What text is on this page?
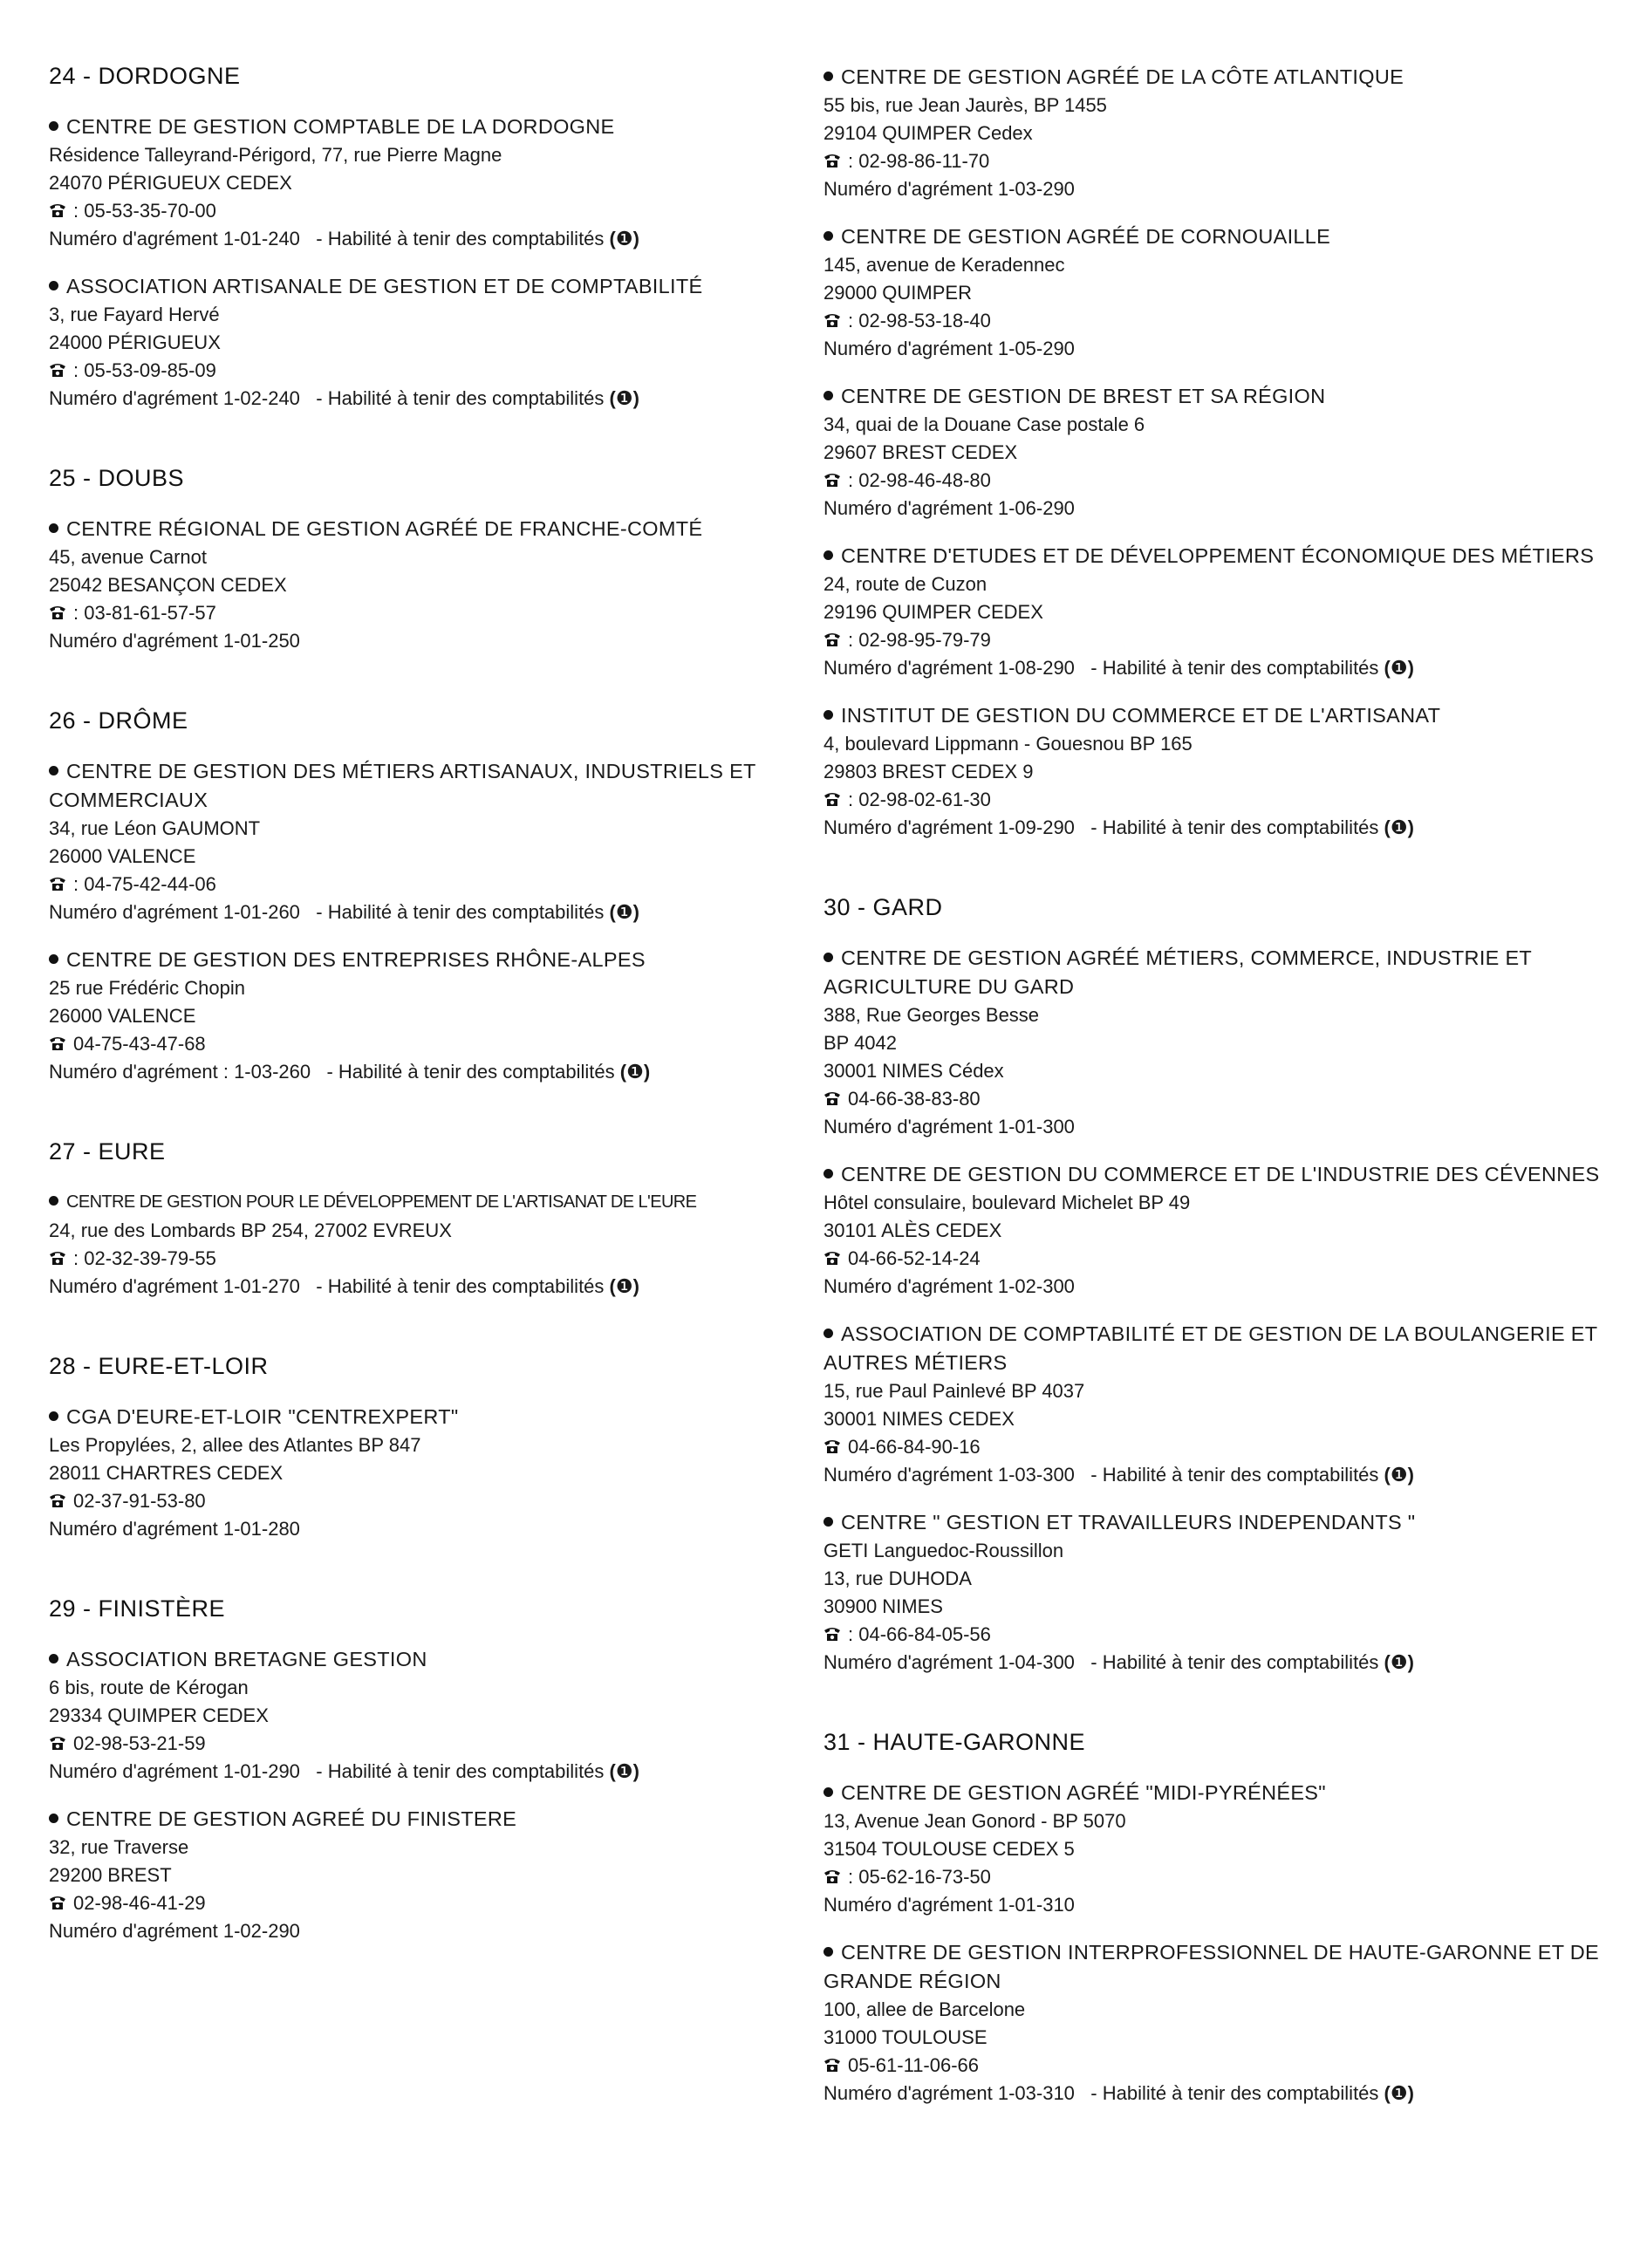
24 - DORDOGNE
CENTRE DE GESTION COMPTABLE DE LA DORDOGNE
Résidence Talleyrand-Périgord, 77, rue Pierre Magne
24070 PÉRIGUEUX CEDEX
: 05-53-35-70-00
Numéro d'agrément 1-01-240 - Habilité à tenir des comptabilités (❶)
ASSOCIATION ARTISANALE DE GESTION ET DE COMPTABILITÉ
3, rue Fayard Hervé
24000 PÉRIGUEUX
: 05-53-09-85-09
Numéro d'agrément 1-02-240 - Habilité à tenir des comptabilités (❶)
25 - DOUBS
CENTRE RÉGIONAL DE GESTION AGRÉÉ DE FRANCHE-COMTÉ
45, avenue Carnot
25042 BESANÇON CEDEX
: 03-81-61-57-57
Numéro d'agrément 1-01-250
26 - DRÔME
CENTRE DE GESTION DES MÉTIERS ARTISANAUX, INDUSTRIELS ET COMMERCIAUX
34, rue Léon GAUMONT
26000 VALENCE
: 04-75-42-44-06
Numéro d'agrément 1-01-260 - Habilité à tenir des comptabilités (❶)
CENTRE DE GESTION DES ENTREPRISES RHÔNE-ALPES
25 rue Frédéric Chopin
26000 VALENCE
04-75-43-47-68
Numéro d'agrément : 1-03-260 - Habilité à tenir des comptabilités (❶)
27 - EURE
CENTRE DE GESTION POUR LE DÉVELOPPEMENT DE L'ARTISANAT DE L'EURE
24, rue des Lombards BP 254, 27002 EVREUX
: 02-32-39-79-55
Numéro d'agrément 1-01-270 - Habilité à tenir des comptabilités (❶)
28 - EURE-ET-LOIR
CGA D'EURE-ET-LOIR "CENTREXPERT"
Les Propylées, 2, allee des Atlantes BP 847
28011 CHARTRES CEDEX
02-37-91-53-80
Numéro d'agrément 1-01-280
29 - FINISTÈRE
ASSOCIATION BRETAGNE GESTION
6 bis, route de Kérogan
29334 QUIMPER CEDEX
02-98-53-21-59
Numéro d'agrément 1-01-290 - Habilité à tenir des comptabilités (❶)
CENTRE DE GESTION AGREÉ DU FINISTERE
32, rue Traverse
29200 BREST
02-98-46-41-29
Numéro d'agrément 1-02-290
CENTRE DE GESTION AGRÉÉ DE LA CÔTE ATLANTIQUE
55 bis, rue Jean Jaurès, BP 1455
29104 QUIMPER Cedex
: 02-98-86-11-70
Numéro d'agrément 1-03-290
CENTRE DE GESTION AGRÉÉ DE CORNOUAILLE
145, avenue de Keradennec
29000 QUIMPER
: 02-98-53-18-40
Numéro d'agrément 1-05-290
CENTRE DE GESTION DE BREST ET SA RÉGION
34, quai de la Douane Case postale 6
29607 BREST CEDEX
: 02-98-46-48-80
Numéro d'agrément 1-06-290
CENTRE D'ETUDES ET DE DÉVELOPPEMENT ÉCONOMIQUE DES MÉTIERS
24, route de Cuzon
29196 QUIMPER CEDEX
: 02-98-95-79-79
Numéro d'agrément 1-08-290 - Habilité à tenir des comptabilités (❶)
INSTITUT DE GESTION DU COMMERCE ET DE L'ARTISANAT
4, boulevard Lippmann - Gouesnou BP 165
29803 BREST CEDEX 9
: 02-98-02-61-30
Numéro d'agrément 1-09-290 - Habilité à tenir des comptabilités (❶)
30 - GARD
CENTRE DE GESTION AGRÉÉ MÉTIERS, COMMERCE, INDUSTRIE ET AGRICULTURE DU GARD
388, Rue Georges Besse
BP 4042
30001 NIMES Cédex
04-66-38-83-80
Numéro d'agrément 1-01-300
CENTRE DE GESTION DU COMMERCE ET DE L'INDUSTRIE DES CÉVENNES
Hôtel consulaire, boulevard Michelet BP 49
30101 ALÈS CEDEX
04-66-52-14-24
Numéro d'agrément 1-02-300
ASSOCIATION DE COMPTABILITÉ ET DE GESTION DE LA BOULANGERIE ET AUTRES MÉTIERS
15, rue Paul Painlevé BP 4037
30001 NIMES CEDEX
04-66-84-90-16
Numéro d'agrément 1-03-300 - Habilité à tenir des comptabilités (❶)
CENTRE " GESTION ET TRAVAILLEURS INDEPENDANTS "
GETI Languedoc-Roussillon
13, rue DUHODA
30900 NIMES
: 04-66-84-05-56
Numéro d'agrément 1-04-300 - Habilité à tenir des comptabilités (❶)
31 - HAUTE-GARONNE
CENTRE DE GESTION AGRÉÉ "MIDI-PYRÉNÉES"
13, Avenue Jean Gonord - BP 5070
31504 TOULOUSE CEDEX 5
: 05-62-16-73-50
Numéro d'agrément 1-01-310
CENTRE DE GESTION INTERPROFESSIONNEL DE HAUTE-GARONNE ET DE GRANDE RÉGION
100, allee de Barcelone
31000 TOULOUSE
05-61-11-06-66
Numéro d'agrément 1-03-310 - Habilité à tenir des comptabilités (❶)
